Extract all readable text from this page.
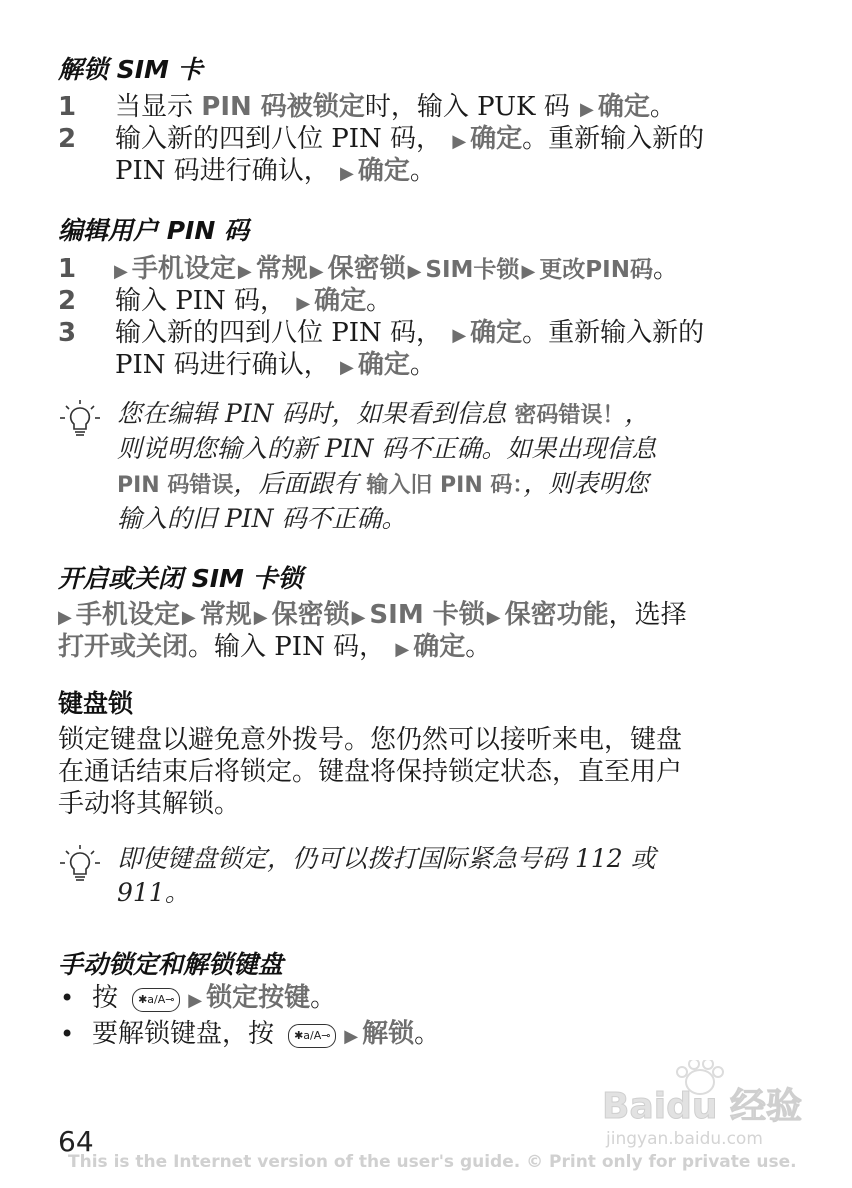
解锁 SIM 卡
1 当显示 PIN 码被锁定时，输入 PUK 码 ▶ 确定。
2 输入新的四到八位 PIN 码， ▶ 确定。重新输入新的
PIN 码进行确认， ▶ 确定。
编辑用户 PIN 码
1 ▶ 手机设定 ▶ 常规 ▶ 保密锁 ▶ SIM卡锁 ▶ 更改PIN码。
2 输入 PIN 码， ▶ 确定。
3 输入新的四到八位 PIN 码， ▶ 确定。重新输入新的
PIN 码进行确认， ▶ 确定。
您在编辑 PIN 码时，如果看到信息 密码错误！，
则说明您输入的新 PIN 码不正确。如果出现信息
PIN 码错误，后面跟有 输入旧 PIN 码：，则表明您
输入的旧 PIN 码不正确。
开启或关闭 SIM 卡锁
▶ 手机设定 ▶ 常规 ▶ 保密锁 ▶ SIM 卡锁 ▶ 保密功能，选择
打开或关闭。输入 PIN 码， ▶ 确定。
键盘锁
锁定键盘以避免意外拨号。您仍然可以接听来电，键盘
在通话结束后将锁定。键盘将保持锁定状态，直至用户
手动将其解锁。
即使键盘锁定，仍可以拨打国际紧急号码 112 或
911。
手动锁定和解锁键盘
• 按 ✱a/A⊸ ▶ 锁定按键。
• 要解锁键盘，按 ✱a/A⊸ ▶ 解锁。
Baidu 经验
jingyan.baidu.com
64
This is the Internet version of the user's guide. © Print only for private use.
